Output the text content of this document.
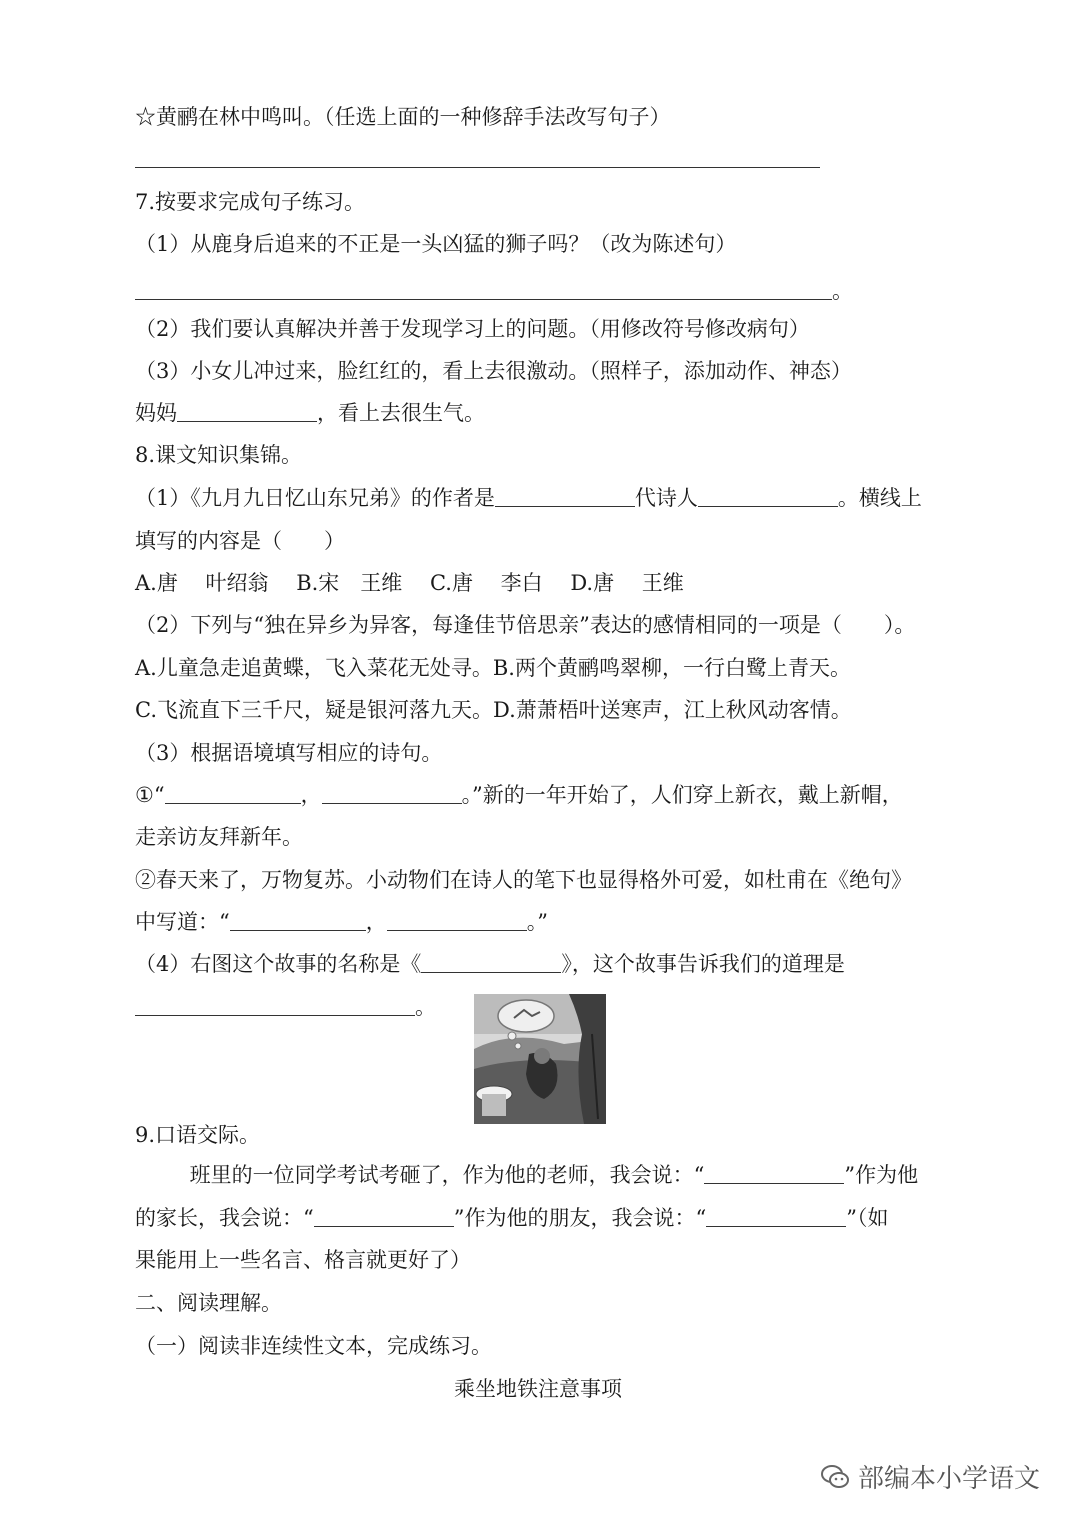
☆黄鹂在林中鸣叫。（任选上面的一种修辞手法改写句子）
7.按要求完成句子练习。
（1）从鹿身后追来的不正是一头凶猛的狮子吗？（改为陈述句）
。
（2）我们要认真解决并善于发现学习上的问题。（用修改符号修改病句）
（3）小女儿冲过来，脸红红的，看上去很激动。（照样子，添加动作、神态）
妈妈	，看上去很生气。
8.课文知识集锦。
（1）《九月九日忆山东兄弟》的作者是	代诗人	。横线上
填写的内容是（　　）
A.唐　 叶绍翁　 B.宋　王维　 C.唐　 李白　 D.唐　 王维
（2）下列与“独在异乡为异客，每逢佳节倍思亲”表达的感情相同的一项是（　　）。
A.儿童急走追黄蝶，飞入菜花无处寻。B.两个黄鹂鸣翠柳，一行白鹭上青天。
C.飞流直下三千尺，疑是银河落九天。D.萧萧梧叶送寒声，江上秋风动客情。
（3）根据语境填写相应的诗句。
①“	，	。”新的一年开始了，人们穿上新衣，戴上新帽，
走亲访友拜新年。
②春天来了，万物复苏。小动物们在诗人的笔下也显得格外可爱，如杜甫在《绝句》
中写道：“	，	。”
（4）右图这个故事的名称是《	》，这个故事告诉我们的道理是
。
9.口语交际。
班里的一位同学考试考砸了，作为他的老师，我会说：“	”作为他
的家长，我会说：“	”作为他的朋友，我会说：“	”（如
果能用上一些名言、格言就更好了）
二、阅读理解。
（一）阅读非连续性文本，完成练习。
乘坐地铁注意事项
部编本小学语文
